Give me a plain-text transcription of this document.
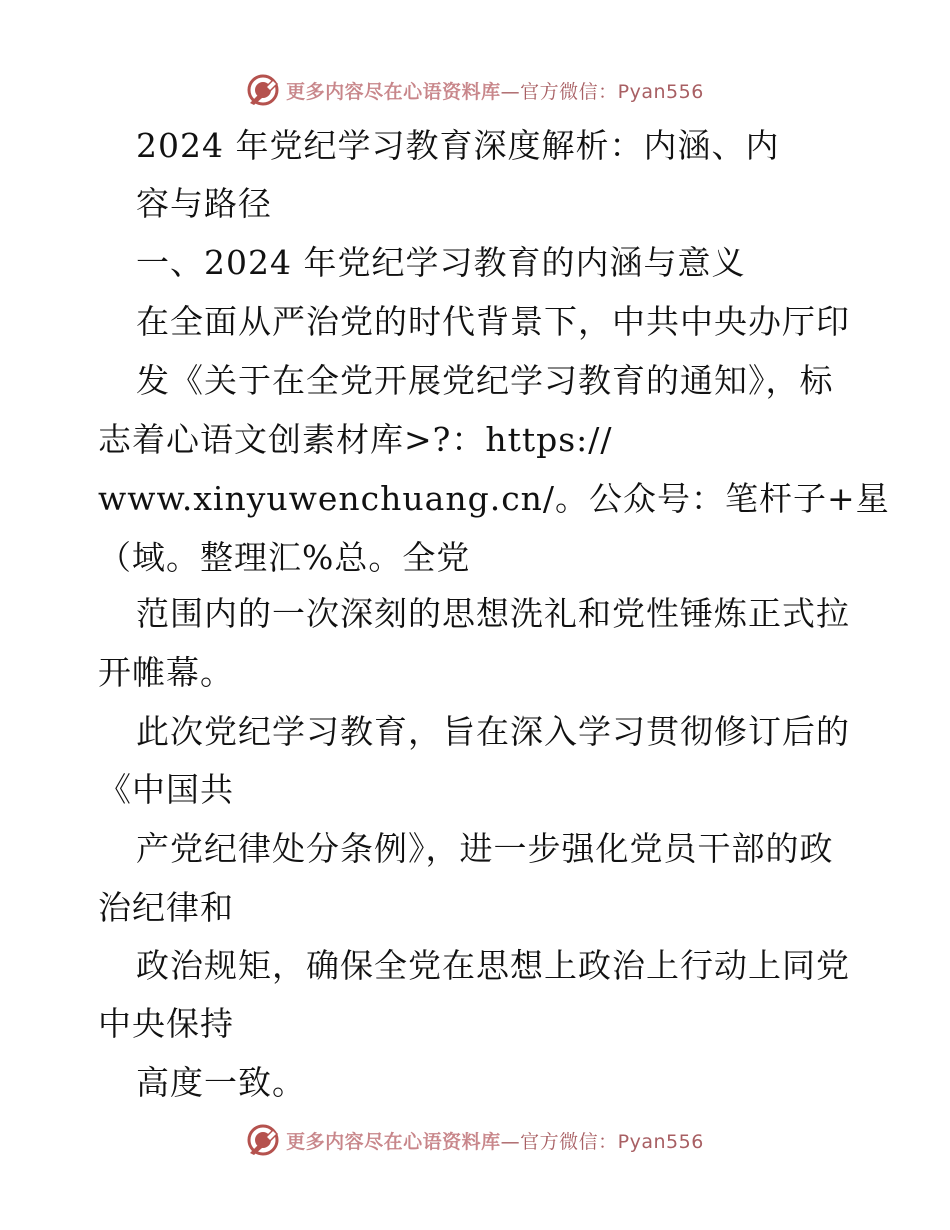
更多内容尽在心语资料库—官方微信：Pyan556
2024 年党纪学习教育深度解析：内涵、内
容与路径
一、2024 年党纪学习教育的内涵与意义
在全面从严治党的时代背景下，中共中央办厅印
发《关于在全党开展党纪学习教育的通知》，标
志着心语文创素材库>?：https://
www.xinyuwenchuang.cn/。公众号：笔杆子+星
（域。整理汇%总。全党
范围内的一次深刻的思想洗礼和党性锤炼正式拉
开帷幕。
此次党纪学习教育，旨在深入学习贯彻修订后的
《中国共
产党纪律处分条例》，进一步强化党员干部的政
治纪律和
政治规矩，确保全党在思想上政治上行动上同党
中央保持
高度一致。
更多内容尽在心语资料库—官方微信：Pyan556
